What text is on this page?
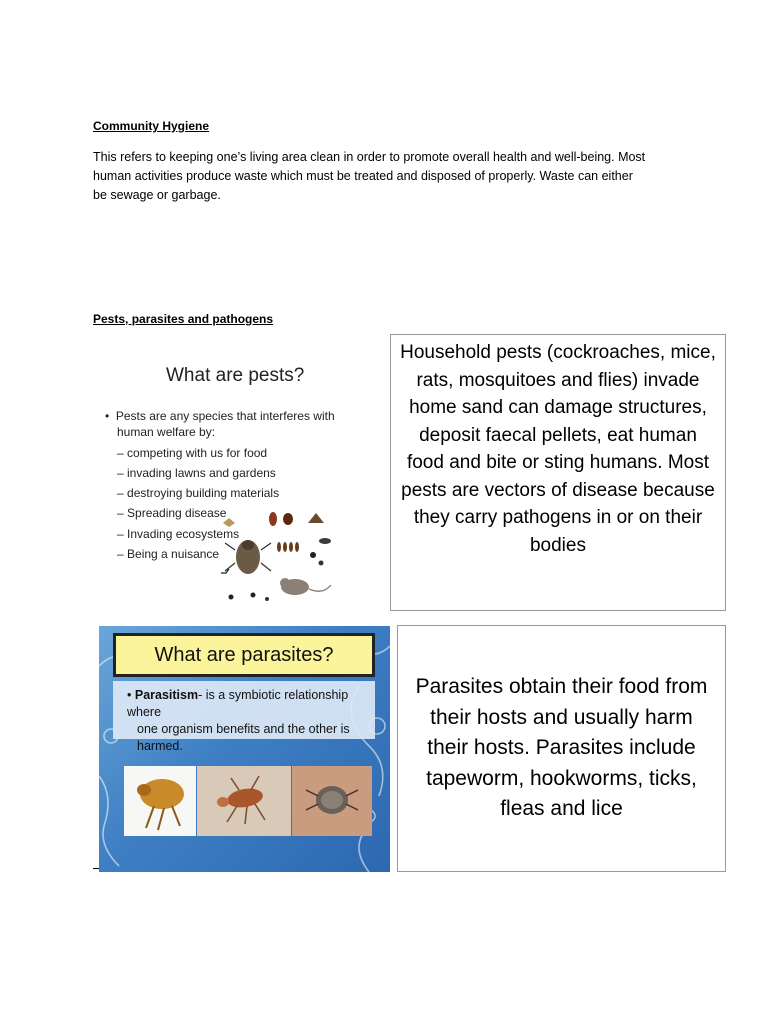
Community Hygiene
This refers to keeping one’s living area clean in order to promote overall health and well-being. Most
human activities produce waste which must be treated and disposed of properly. Waste can either
be sewage or garbage.
Pests, parasites and pathogens
What are pests?
•  Pests are any species that interferes with
human welfare by:
– competing with us for food
– invading lawns and gardens
– destroying building materials
– Spreading disease
– Invading ecosystems
– Being a nuisance
Household pests (cockroaches, mice,
rats, mosquitoes and flies) invade
home sand can damage structures,
deposit faecal pellets, eat human
food and bite or sting humans. Most
pests are vectors of disease because
they carry pathogens in or on their
bodies
What are parasites?
• Parasitism- is a symbiotic relationship where
one organism benefits and the other is
harmed.
Parasites obtain their food from
their hosts and usually harm
their hosts. Parasites include
tapeworm, hookworms, ticks,
fleas and lice
